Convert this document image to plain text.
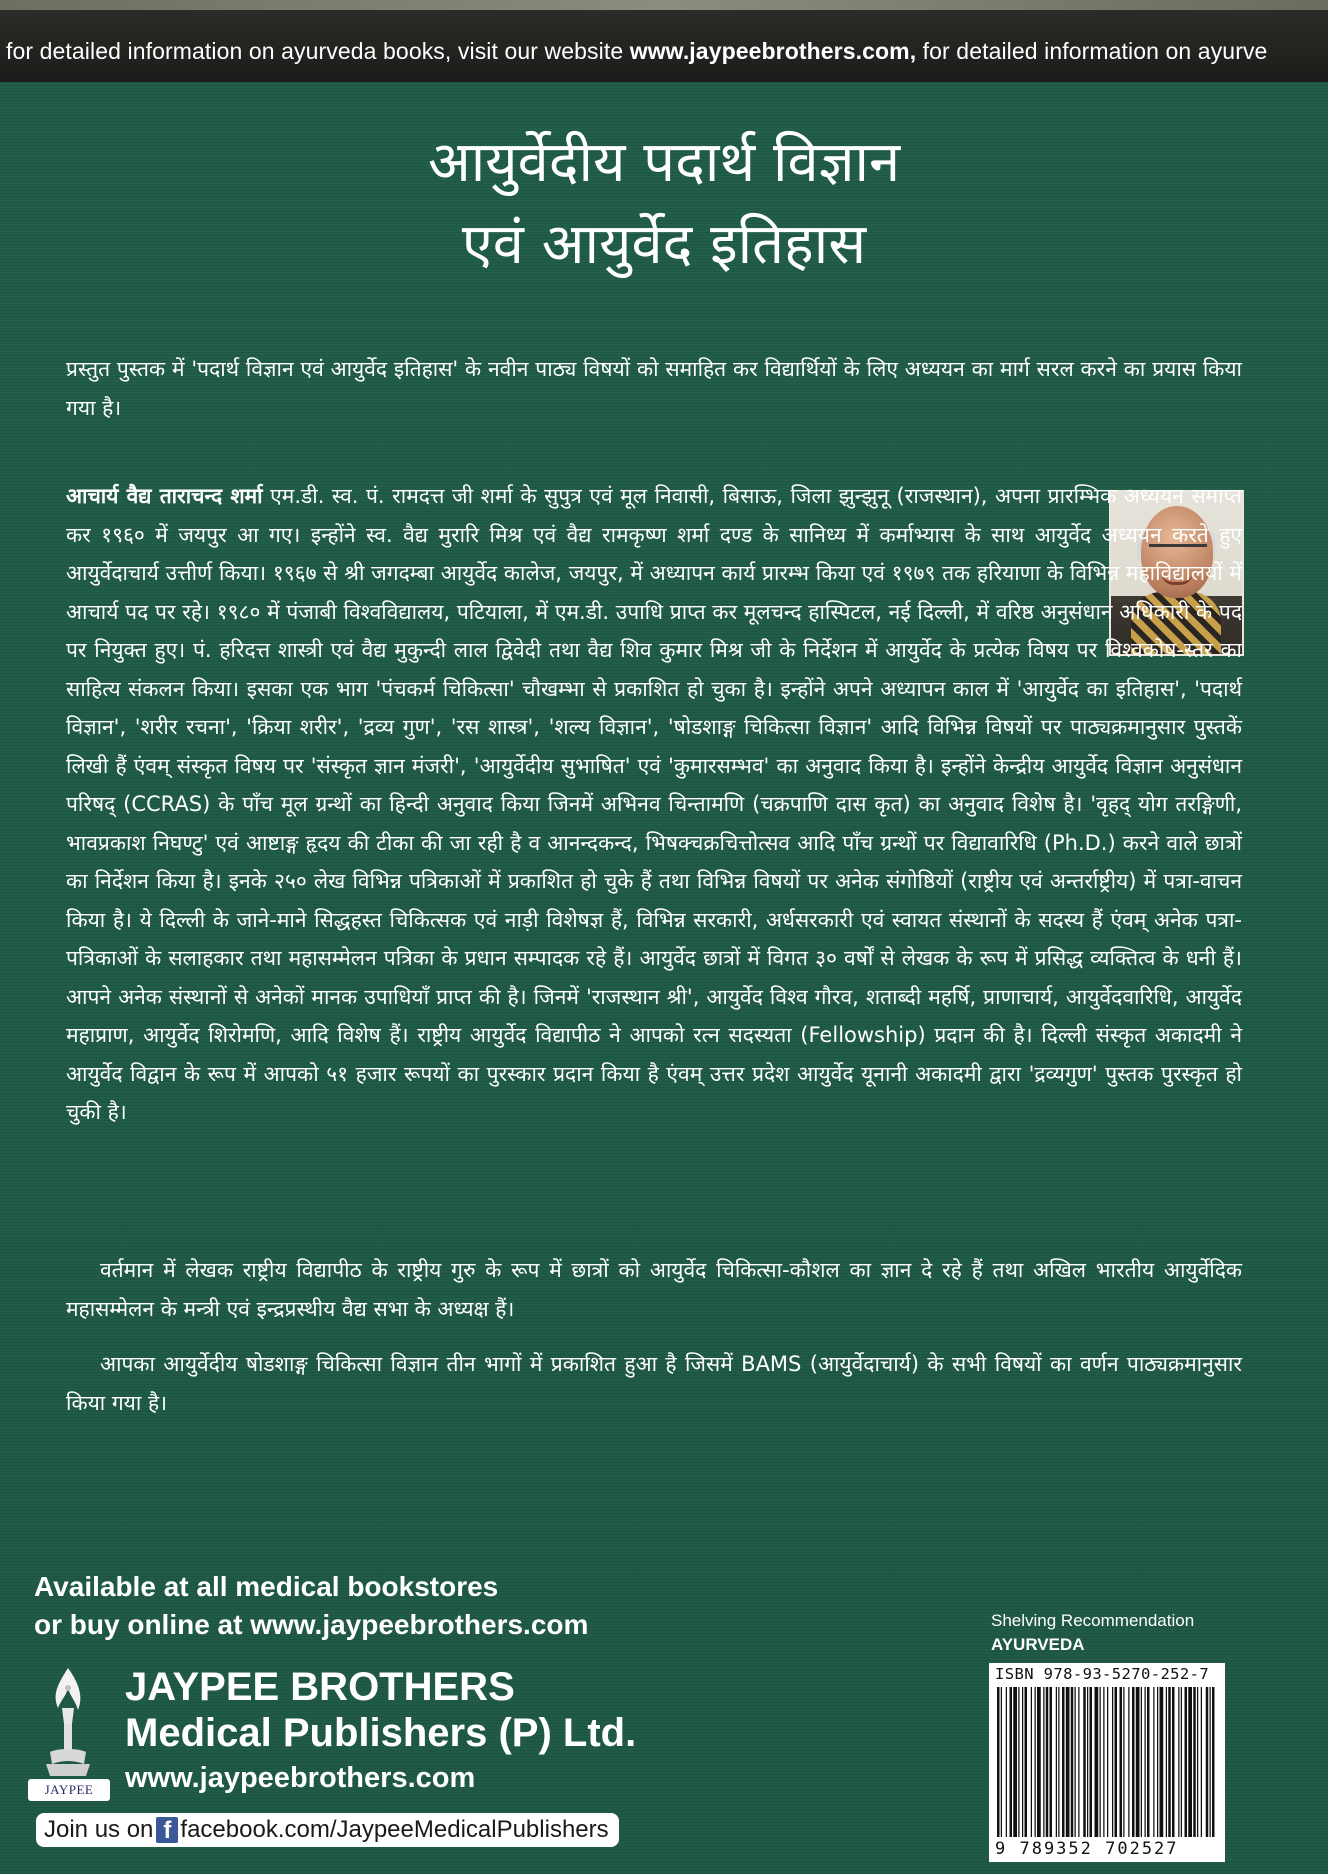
for detailed information on ayurveda books, visit our website www.jaypeebrothers.com, for detailed information on ayurve
आयुर्वेदीय पदार्थ विज्ञान
एवं आयुर्वेद इतिहास
प्रस्तुत पुस्तक में 'पदार्थ विज्ञान एवं आयुर्वेद इतिहास' के नवीन पाठ्य विषयों को समाहित कर विद्यार्थियों के लिए अध्ययन का मार्ग सरल करने का प्रयास किया गया है।
आचार्य वैद्य ताराचन्द शर्मा एम.डी. स्व. पं. रामदत्त जी शर्मा के सुपुत्र एवं मूल निवासी, बिसाऊ, जिला झुन्झुनू (राजस्थान), अपना प्रारम्भिक अध्ययन समाप्त कर १९६० में जयपुर आ गए। इन्होंने स्व. वैद्य मुरारि मिश्र एवं वैद्य रामकृष्ण शर्मा दण्ड के सानिध्य में कर्माभ्यास के साथ आयुर्वेद अध्ययन करते हुए आयुर्वेदाचार्य उत्तीर्ण किया। १९६७ से श्री जगदम्बा आयुर्वेद कालेज, जयपुर, में अध्यापन कार्य प्रारम्भ किया एवं १९७९ तक हरियाणा के विभिन्न महाविद्यालयों में आचार्य पद पर रहे। १९८० में पंजाबी विश्वविद्यालय, पटियाला, में एम.डी. उपाधि प्राप्त कर मूलचन्द हास्पिटल, नई दिल्ली, में वरिष्ठ अनुसंधान अधिकारी के पद पर नियुक्त हुए। पं. हरिदत्त शास्त्री एवं वैद्य मुकुन्दी लाल द्विवेदी तथा वैद्य शिव कुमार मिश्र जी के निर्देशन में आयुर्वेद के प्रत्येक विषय पर विश्वकोष-स्तर का साहित्य संकलन किया। इसका एक भाग 'पंचकर्म चिकित्सा' चौखम्भा से प्रकाशित हो चुका है। इन्होंने अपने अध्यापन काल में 'आयुर्वेद का इतिहास', 'पदार्थ विज्ञान', 'शरीर रचना', 'क्रिया शरीर', 'द्रव्य गुण', 'रस शास्त्र', 'शल्य विज्ञान', 'षोडशाङ्ग चिकित्सा विज्ञान' आदि विभिन्न विषयों पर पाठ्यक्रमानुसार पुस्तकें लिखी हैं एंवम् संस्कृत विषय पर 'संस्कृत ज्ञान मंजरी', 'आयुर्वेदीय सुभाषित' एवं 'कुमारसम्भव' का अनुवाद किया है। इन्होंने केन्द्रीय आयुर्वेद विज्ञान अनुसंधान परिषद् (CCRAS) के पाँच मूल ग्रन्थों का हिन्दी अनुवाद किया जिनमें अभिनव चिन्तामणि (चक्रपाणि दास कृत) का अनुवाद विशेष है। 'वृहद् योग तरङ्गिणी, भावप्रकाश निघण्टु' एवं आष्टाङ्ग हृदय की टीका की जा रही है व आनन्दकन्द, भिषक्चक्रचित्तोत्सव आदि पाँच ग्रन्थों पर विद्यावारिधि (Ph.D.) करने वाले छात्रों का निर्देशन किया है। इनके २५० लेख विभिन्न पत्रिकाओं में प्रकाशित हो चुके हैं तथा विभिन्न विषयों पर अनेक संगोष्ठियों (राष्ट्रीय एवं अन्तर्राष्ट्रीय) में पत्रा-वाचन किया है। ये दिल्ली के जाने-माने सिद्धहस्त चिकित्सक एवं नाड़ी विशेषज्ञ हैं, विभिन्न सरकारी, अर्धसरकारी एवं स्वायत संस्थानों के सदस्य हैं एंवम् अनेक पत्रा-पत्रिकाओं के सलाहकार तथा महासम्मेलन पत्रिका के प्रधान सम्पादक रहे हैं। आयुर्वेद छात्रों में विगत ३० वर्षों से लेखक के रूप में प्रसिद्ध व्यक्तित्व के धनी हैं। आपने अनेक संस्थानों से अनेकों मानक उपाधियाँ प्राप्त की है। जिनमें 'राजस्थान श्री', आयुर्वेद विश्व गौरव, शताब्दी महर्षि, प्राणाचार्य, आयुर्वेदवारिधि, आयुर्वेद महाप्राण, आयुर्वेद शिरोमणि, आदि विशेष हैं। राष्ट्रीय आयुर्वेद विद्यापीठ ने आपको रत्न सदस्यता (Fellowship) प्रदान की है। दिल्ली संस्कृत अकादमी ने आयुर्वेद विद्वान के रूप में आपको ५१ हजार रूपयों का पुरस्कार प्रदान किया है एंवम् उत्तर प्रदेश आयुर्वेद यूनानी अकादमी द्वारा 'द्रव्यगुण' पुस्तक पुरस्कृत हो चुकी है।
वर्तमान में लेखक राष्ट्रीय विद्यापीठ के राष्ट्रीय गुरु के रूप में छात्रों को आयुर्वेद चिकित्सा-कौशल का ज्ञान दे रहे हैं तथा अखिल भारतीय आयुर्वेदिक महासम्मेलन के मन्त्री एवं इन्द्रप्रस्थीय वैद्य सभा के अध्यक्ष हैं।
आपका आयुर्वेदीय षोडशाङ्ग चिकित्सा विज्ञान तीन भागों में प्रकाशित हुआ है जिसमें BAMS (आयुर्वेदाचार्य) के सभी विषयों का वर्णन पाठ्यक्रमानुसार किया गया है।
Available at all medical bookstores
or buy online at www.jaypeebrothers.com
JAYPEE
JAYPEE BROTHERS
Medical Publishers (P) Ltd.
www.jaypeebrothers.com
Join us on f facebook.com/JaypeeMedicalPublishers
Shelving Recommendation
AYURVEDA
ISBN 978-93-5270-252-7
9 789352 702527
